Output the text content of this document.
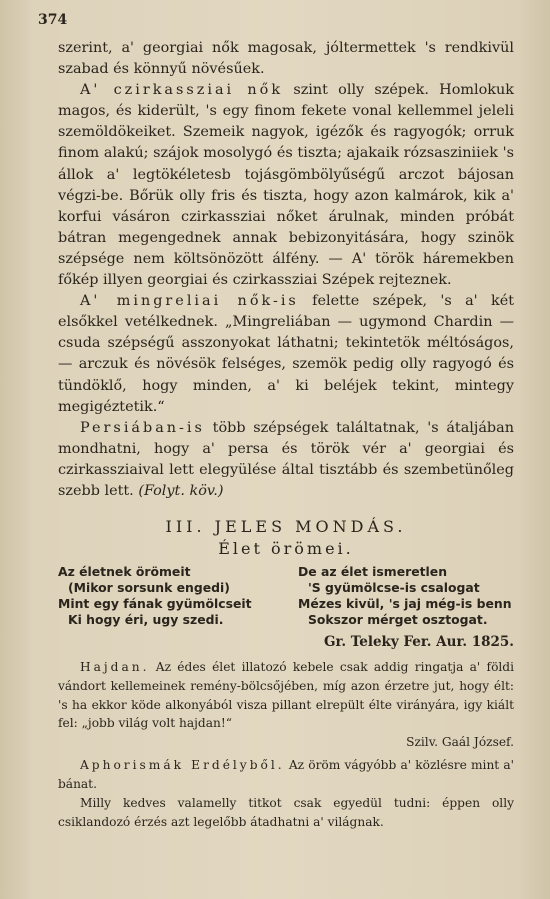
374

szerint, a' georgiai nők magosak, jóltermettek 's rendkivül szabad és könnyű növésűek.

A' czirkassziai nők szint olly szépek. Homlokuk magos, és kiderült, 's egy finom fekete vonal kellemmel jeleli szemöldökeiket. Szemeik nagyok, igézők és ragyogók; orruk finom alakú; szájok mosolygó és tiszta; ajakaik rózsasziniiek 's állok a' legtökéletesb tojásgömbölyűségű arczot bájosan végzi-be. Bőrük olly fris és tiszta, hogy azon kalmárok, kik a' korfui vásáron czirkassziai nőket árulnak, minden próbát bátran megengednek annak bebizonyitására, hogy szinök szépsége nem költsönözött álfény. — A' török háremekben főkép illyen georgiai és czirkassziai Szépek rejteznek.

A' mingreliai nők-is felette szépek, 's a' két elsőkkel vetélkednek. „Mingreliában — ugymond Chardin — csuda szépségű asszonyokat láthatni; tekintetök méltóságos, — arczuk és növésök felséges, szemök pedig olly ragyogó és tündöklő, hogy minden, a' ki beléjek tekint, mintegy megigéztetik.“

Persiában-is több szépségek találtatnak, 's átaljában mondhatni, hogy a' persa és török vér a' georgiai és czirkassziaival lett elegyülése által tisztább és szembetünőleg szebb lett. (Folyt. köv.)

III. JELES MONDÁS.
Élet örömei.
Az életnek örömeit
(Mikor sorsunk engedi)
Mint egy fának gyümölcseit
Ki hogy éri, ugy szedi.
De az élet ismeretlen
'S gyümölcse-is csalogat
Mézes kivül, 's jaj még-is benn
Sokszor mérget osztogat.
Gr. Teleky Fer. Aur. 1825.

Hajdan. Az édes élet illatozó kebele csak addig ringatja a' földi vándort kellemeinek remény-bölcsőjében, míg azon érzetre jut, hogy élt: 's ha ekkor köde alkonyából visza pillant elrepült élte virányára, igy kiált fel: „jobb világ volt hajdan!“

Szilv. Gaál József.

Aphorismák Erdélyből. Az öröm vágyóbb a' közlésre mint a' bánat.

Milly kedves valamelly titkot csak egyedül tudni: éppen olly csiklandozó érzés azt legelőbb átadhatni a' világnak.
